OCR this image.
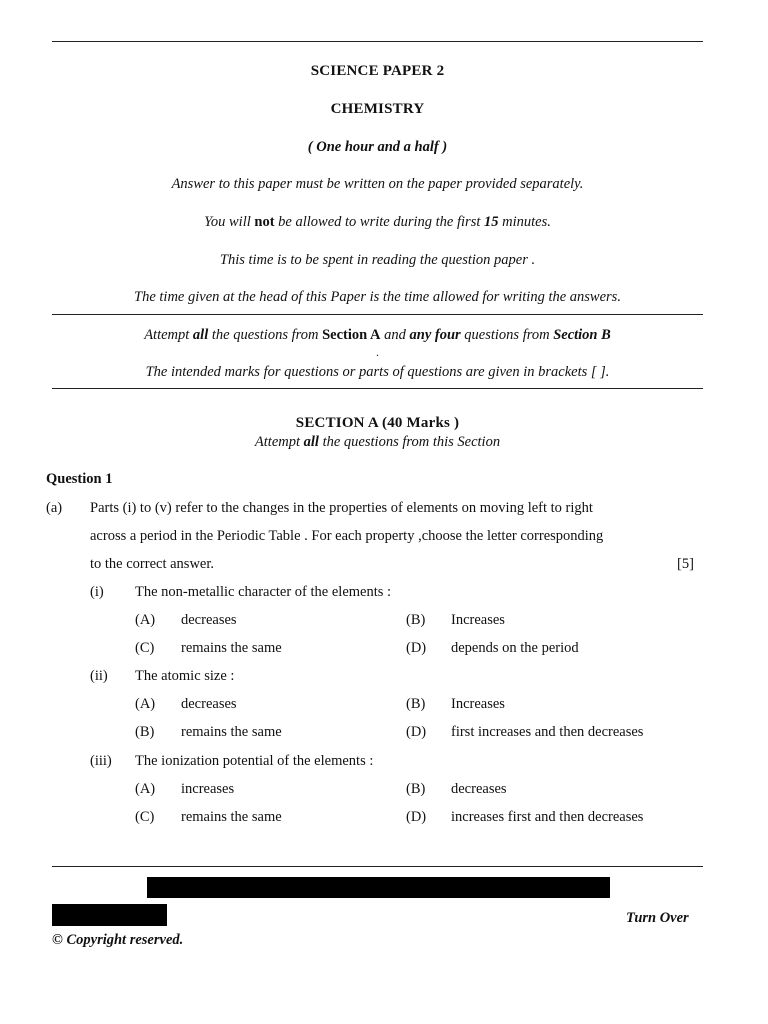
SCIENCE PAPER 2
CHEMISTRY
( One hour and a half )
Answer to this paper must be written on the paper provided separately.
You will not be allowed to write during the first 15 minutes.
This time is to be spent in reading the question paper .
The time given at the head of this Paper is the time allowed for writing the answers.
Attempt all the questions from Section A and any four questions from Section B
.
The intended marks for questions or parts of questions are given in brackets [ ].
SECTION A (40 Marks )
Attempt all the questions from this Section
Question 1
(a) Parts (i) to (v) refer to the changes in the properties of elements on moving left to right
across a period in the Periodic Table . For each property ,choose the letter corresponding
to the correct answer.	[5]
(i) The non-metallic character of the elements :
(A) decreases	(B) Increases
(C) remains the same	(D) depends on the period
(ii) The atomic size :
(A) decreases	(B) Increases
(B) remains the same	(D) first increases and then decreases
(iii) The ionization potential of the elements :
(A) increases	(B) decreases
(C) remains the same	(D) increases first and then decreases
Turn Over
© Copyright reserved.
